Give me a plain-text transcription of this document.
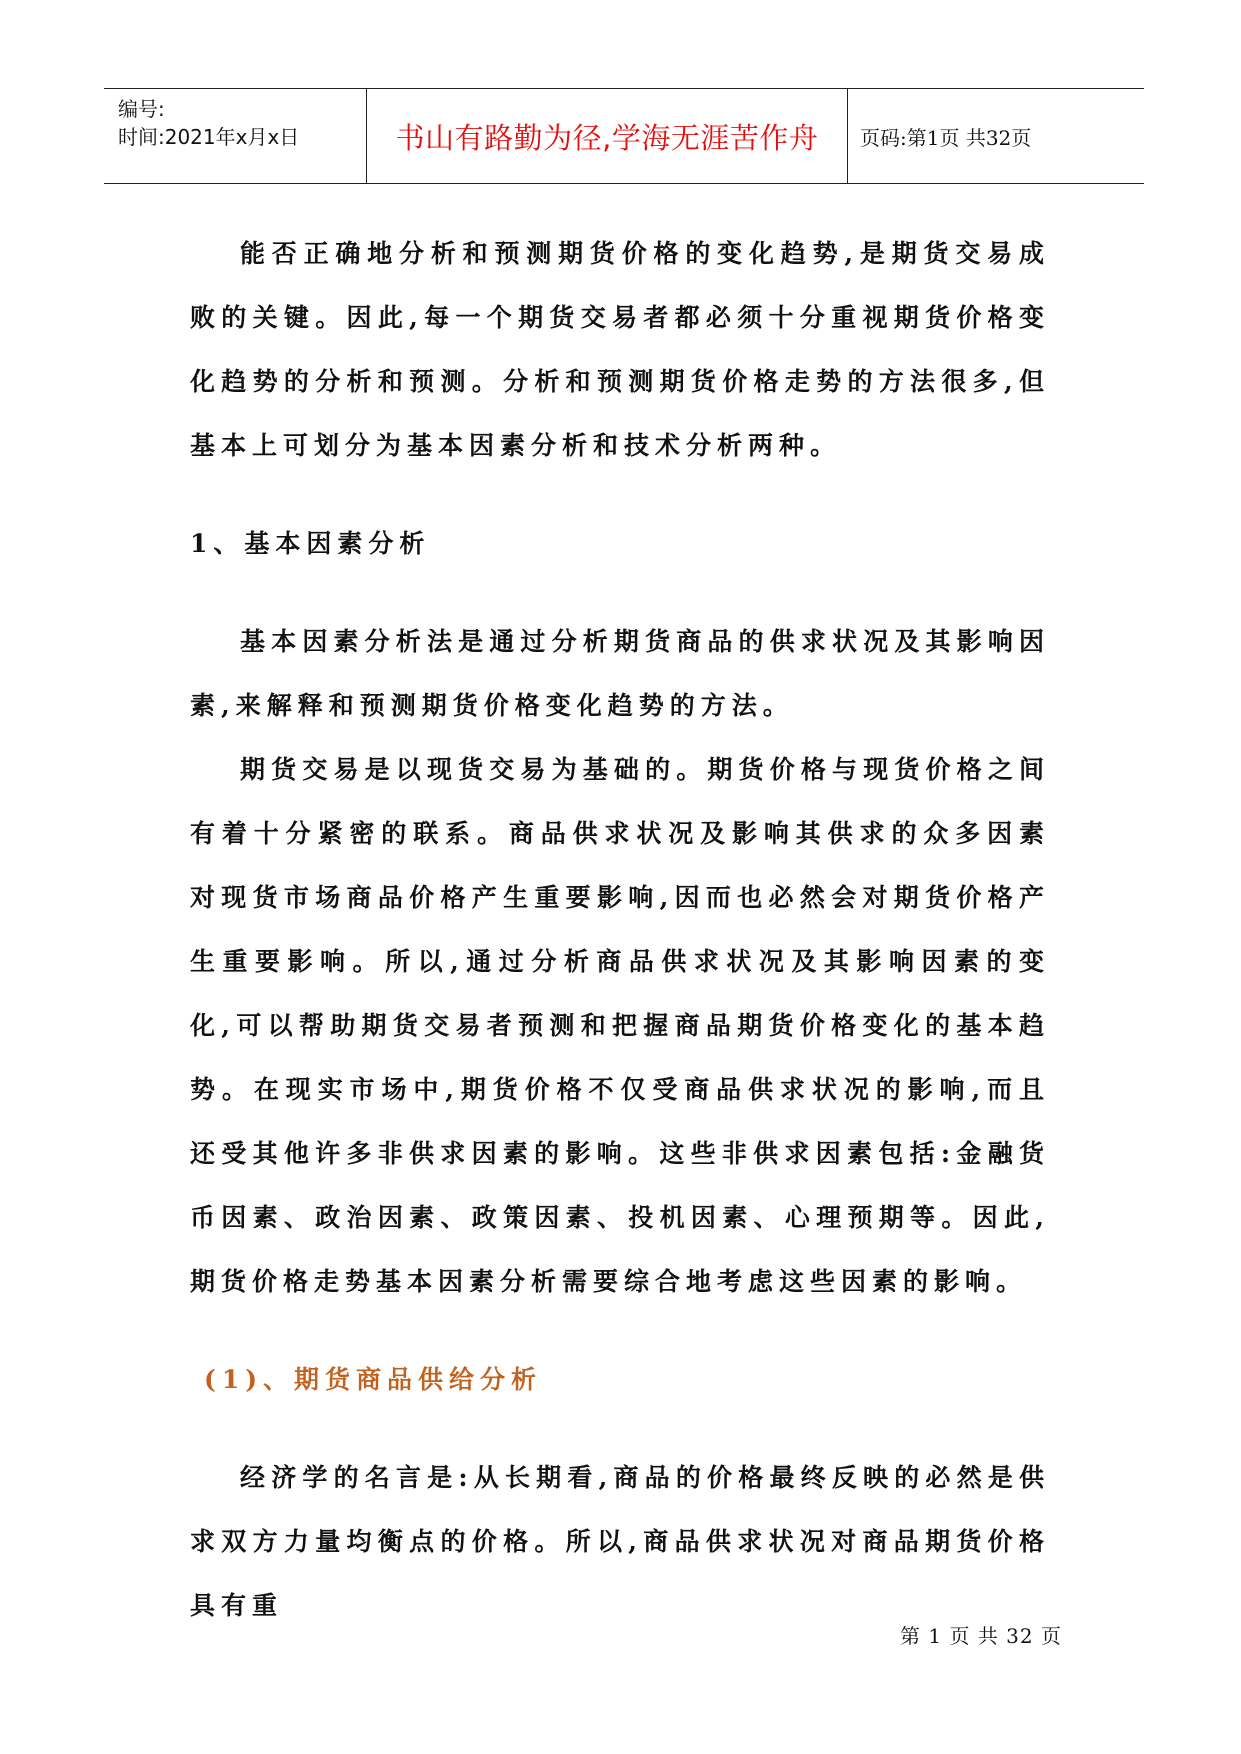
编号:
时间:2021年x月x日	书山有路勤为径,学海无涯苦作舟 页码:第1页 共32页

能否正确地分析和预测期货价格的变化趋势,是期货交易成败的关键。因此,每一个期货交易者都必须十分重视期货价格变化趋势的分析和预测。分析和预测期货价格走势的方法很多,但基本上可划分为基本因素分析和技术分析两种。

1、基本因素分析

基本因素分析法是通过分析期货商品的供求状况及其影响因素,来解释和预测期货价格变化趋势的方法。

期货交易是以现货交易为基础的。期货价格与现货价格之间有着十分紧密的联系。商品供求状况及影响其供求的众多因素对现货市场商品价格产生重要影响,因而也必然会对期货价格产生重要影响。所以,通过分析商品供求状况及其影响因素的变化,可以帮助期货交易者预测和把握商品期货价格变化的基本趋势。在现实市场中,期货价格不仅受商品供求状况的影响,而且还受其他许多非供求因素的影响。这些非供求因素包括:金融货币因素、政治因素、政策因素、投机因素、心理预期等。因此,期货价格走势基本因素分析需要综合地考虑这些因素的影响。

(1)、期货商品供给分析

经济学的名言是:从长期看,商品的价格最终反映的必然是供求双方力量均衡点的价格。所以,商品供求状况对商品期货价格具有重

第 1 页 共 32 页
